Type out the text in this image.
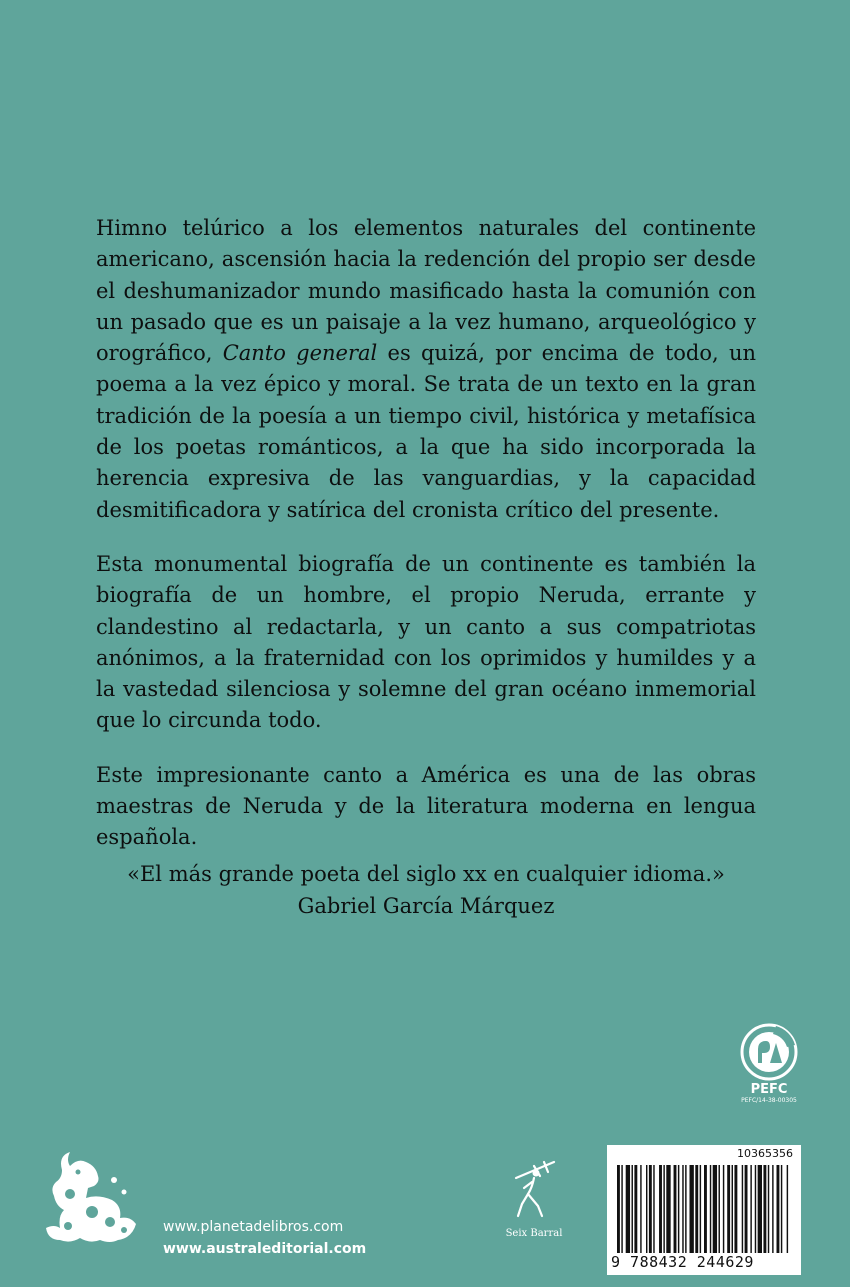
Himno telúrico a los elementos naturales del continente americano, ascensión hacia la redención del propio ser desde el deshumanizador mundo masificado hasta la comunión con un pasado que es un paisaje a la vez humano, arqueológico y orográfico, Canto general es quizá, por encima de todo, un poema a la vez épico y moral. Se trata de un texto en la gran tradición de la poesía a un tiempo civil, histórica y metafísica de los poetas románticos, a la que ha sido incorporada la herencia expresiva de las vanguardias, y la capacidad desmitificadora y satírica del cronista crítico del presente.

Esta monumental biografía de un continente es también la biografía de un hombre, el propio Neruda, errante y clandestino al redactarla, y un canto a sus compatriotas anónimos, a la fraternidad con los oprimidos y humildes y a la vastedad silenciosa y solemne del gran océano inmemorial que lo circunda todo.

Este impresionante canto a América es una de las obras maestras de Neruda y de la literatura moderna en lengua española.

«El más grande poeta del siglo xx en cualquier idioma.»
Gabriel García Márquez
PEFC
PEFC/14-38-00305
10365356
9 788432 244629
Seix Barral
www.planetadelibros.com
www.australeditorial.com
